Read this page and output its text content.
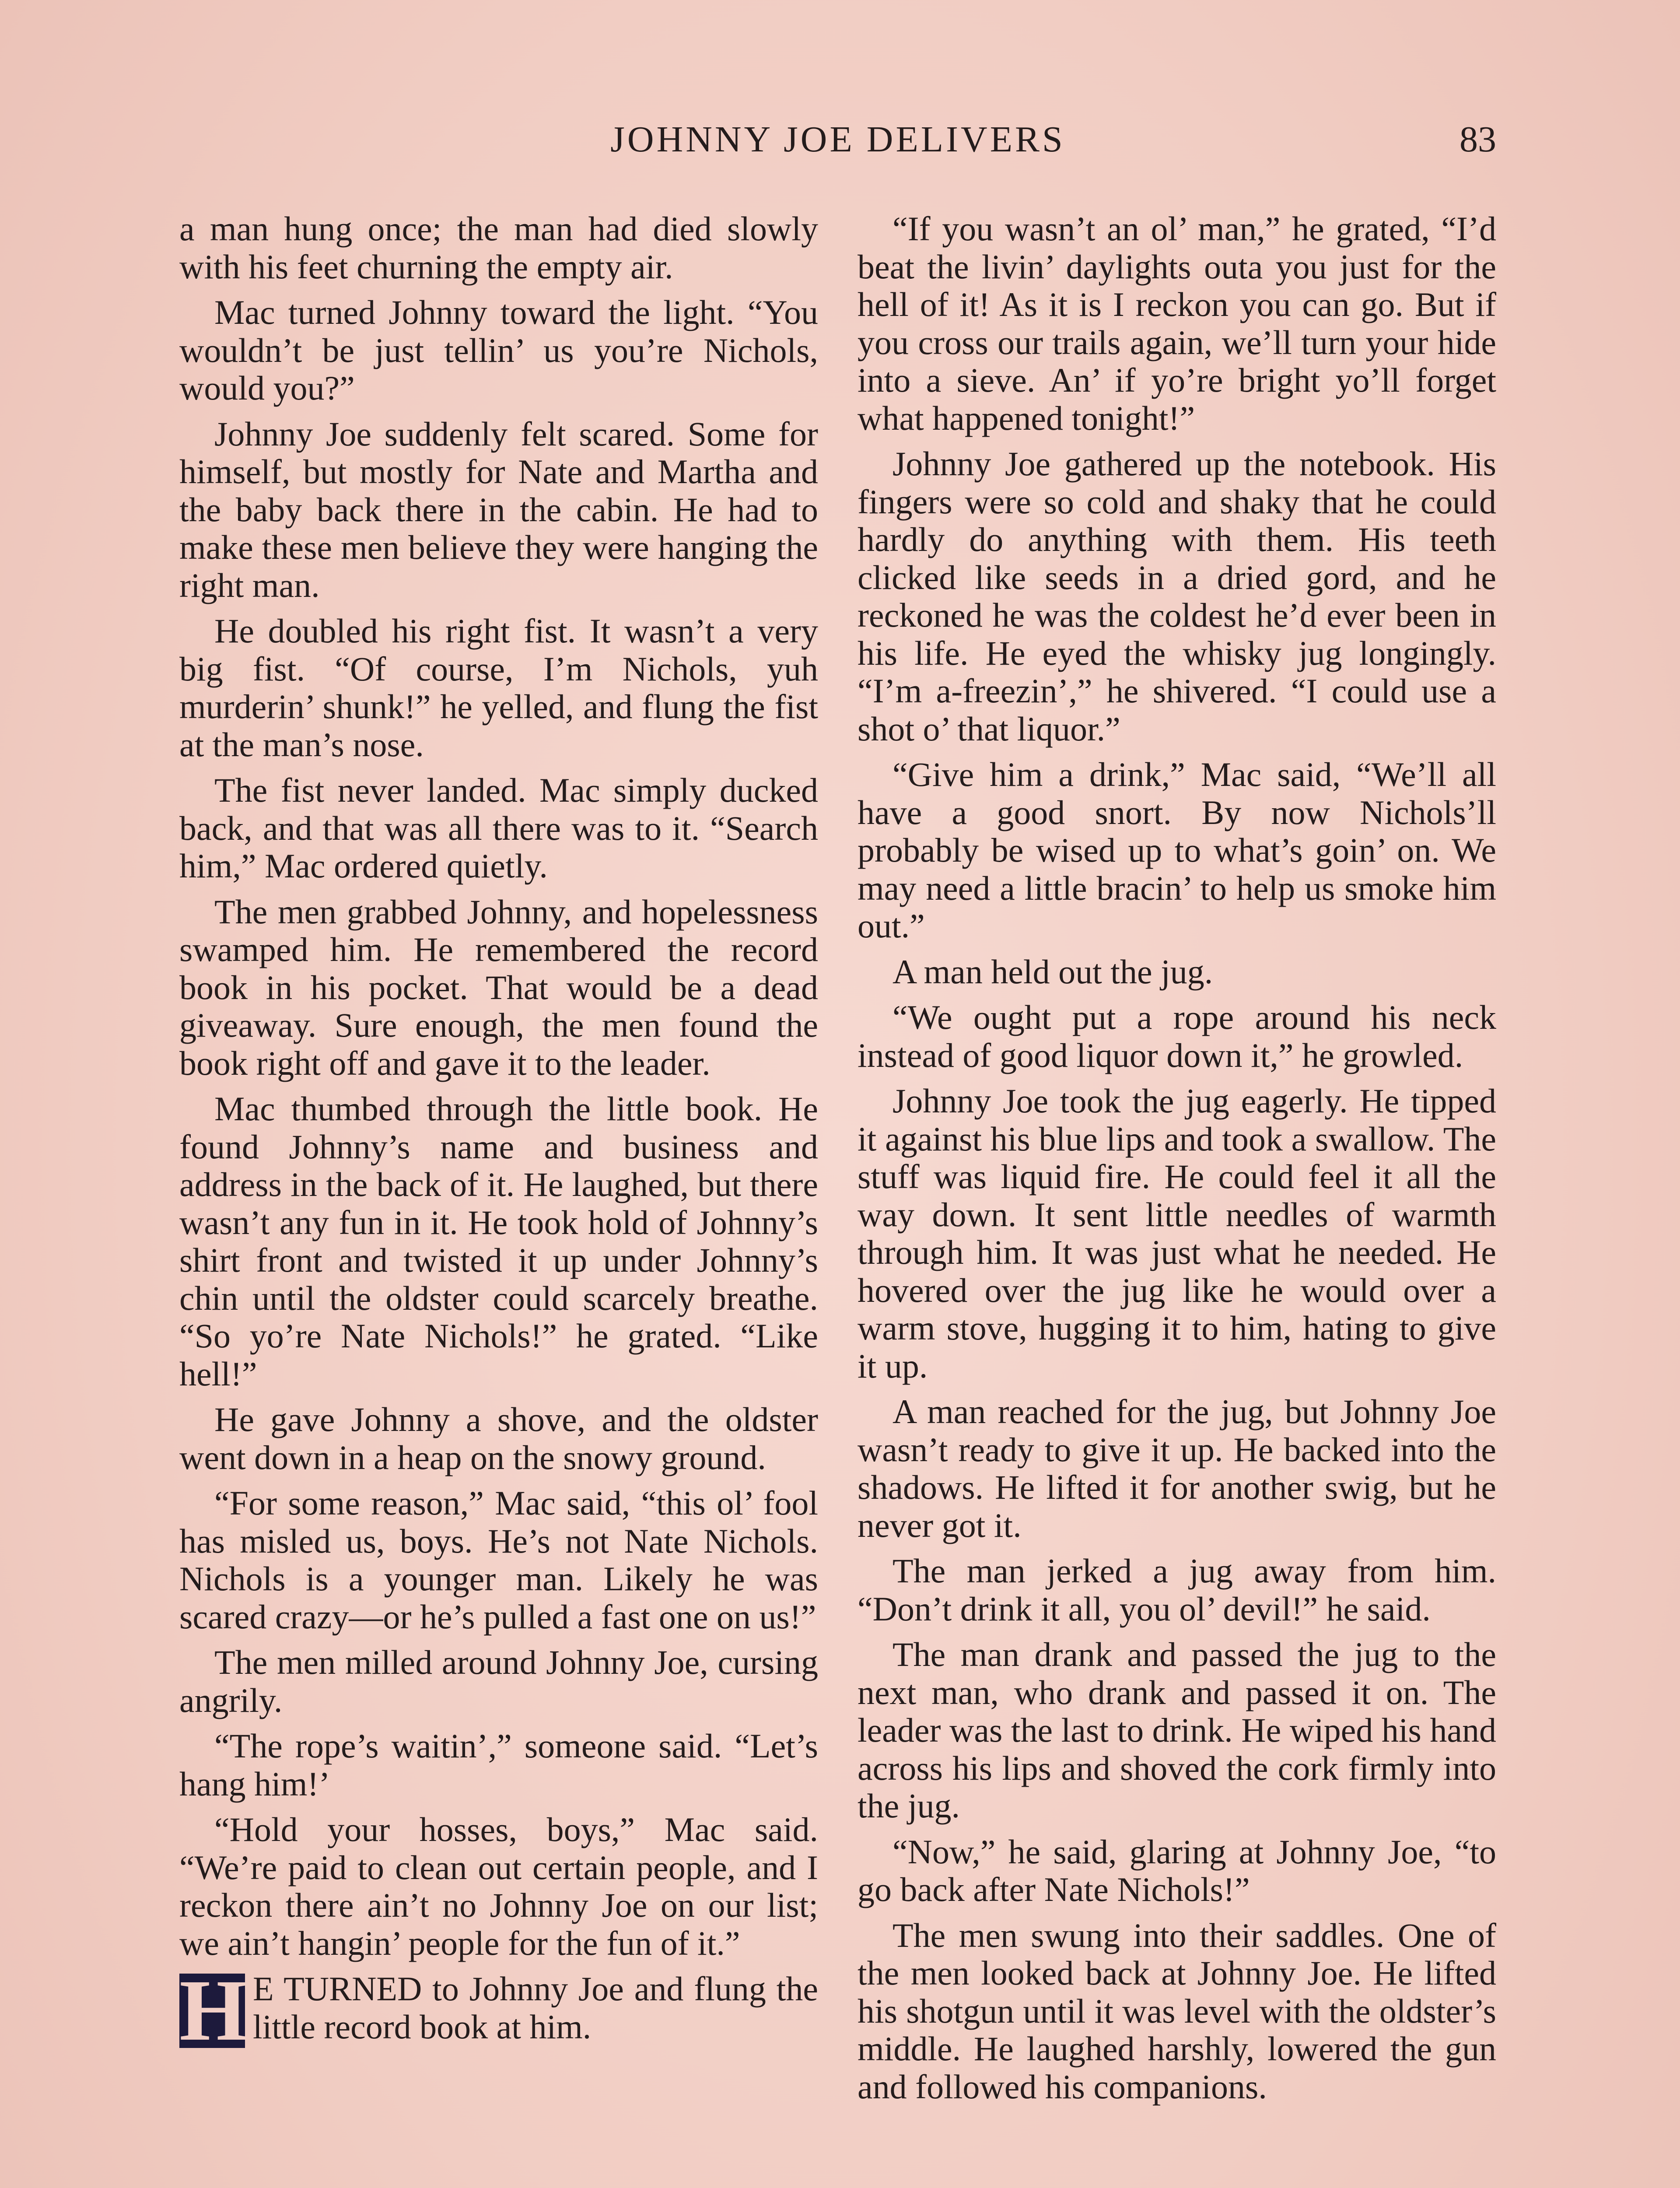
JOHNNY JOE DELIVERS	83

a man hung once; the man had died slowly with his feet churning the empty air.

Mac turned Johnny toward the light. “You wouldn’t be just tellin’ us you’re Nichols, would you?”

Johnny Joe suddenly felt scared. Some for himself, but mostly for Nate and Martha and the baby back there in the cabin. He had to make these men believe they were hanging the right man.

He doubled his right fist. It wasn’t a very big fist. “Of course, I’m Nichols, yuh murderin’ shunk!” he yelled, and flung the fist at the man’s nose.

The fist never landed. Mac simply ducked back, and that was all there was to it. “Search him,” Mac ordered quietly.

The men grabbed Johnny, and hopelessness swamped him. He remembered the record book in his pocket. That would be a dead giveaway. Sure enough, the men found the book right off and gave it to the leader.

Mac thumbed through the little book. He found Johnny’s name and business and address in the back of it. He laughed, but there wasn’t any fun in it. He took hold of Johnny’s shirt front and twisted it up under Johnny’s chin until the oldster could scarcely breathe. “So yo’re Nate Nichols!” he grated. “Like hell!”

He gave Johnny a shove, and the oldster went down in a heap on the snowy ground.

“For some reason,” Mac said, “this ol’ fool has misled us, boys. He’s not Nate Nichols. Nichols is a younger man. Likely he was scared crazy—or he’s pulled a fast one on us!”

The men milled around Johnny Joe, cursing angrily.

“The rope’s waitin’,” someone said. “Let’s hang him!’

“Hold your hosses, boys,” Mac said. “We’re paid to clean out certain people, and I reckon there ain’t no Johnny Joe on our list; we ain’t hangin’ people for the fun of it.”

H E TURNED to Johnny Joe and flung the little record book at him.

“If you wasn’t an ol’ man,” he grated, “I’d beat the livin’ daylights outa you just for the hell of it! As it is I reckon you can go. But if you cross our trails again, we’ll turn your hide into a sieve. An’ if yo’re bright yo’ll forget what happened tonight!”

Johnny Joe gathered up the notebook. His fingers were so cold and shaky that he could hardly do anything with them. His teeth clicked like seeds in a dried gord, and he reckoned he was the coldest he’d ever been in his life. He eyed the whisky jug longingly. “I’m a-freezin’,” he shivered. “I could use a shot o’ that liquor.”

“Give him a drink,” Mac said, “We’ll all have a good snort. By now Nichols’ll probably be wised up to what’s goin’ on. We may need a little bracin’ to help us smoke him out.”

A man held out the jug.

“We ought put a rope around his neck instead of good liquor down it,” he growled.

Johnny Joe took the jug eagerly. He tipped it against his blue lips and took a swallow. The stuff was liquid fire. He could feel it all the way down. It sent little needles of warmth through him. It was just what he needed. He hovered over the jug like he would over a warm stove, hugging it to him, hating to give it up.

A man reached for the jug, but Johnny Joe wasn’t ready to give it up. He backed into the shadows. He lifted it for another swig, but he never got it.

The man jerked a jug away from him. “Don’t drink it all, you ol’ devil!” he said.

The man drank and passed the jug to the next man, who drank and passed it on. The leader was the last to drink. He wiped his hand across his lips and shoved the cork firmly into the jug.

“Now,” he said, glaring at Johnny Joe, “to go back after Nate Nichols!”

The men swung into their saddles. One of the men looked back at Johnny Joe. He lifted his shotgun until it was level with the oldster’s middle. He laughed harshly, lowered the gun and followed his companions.
